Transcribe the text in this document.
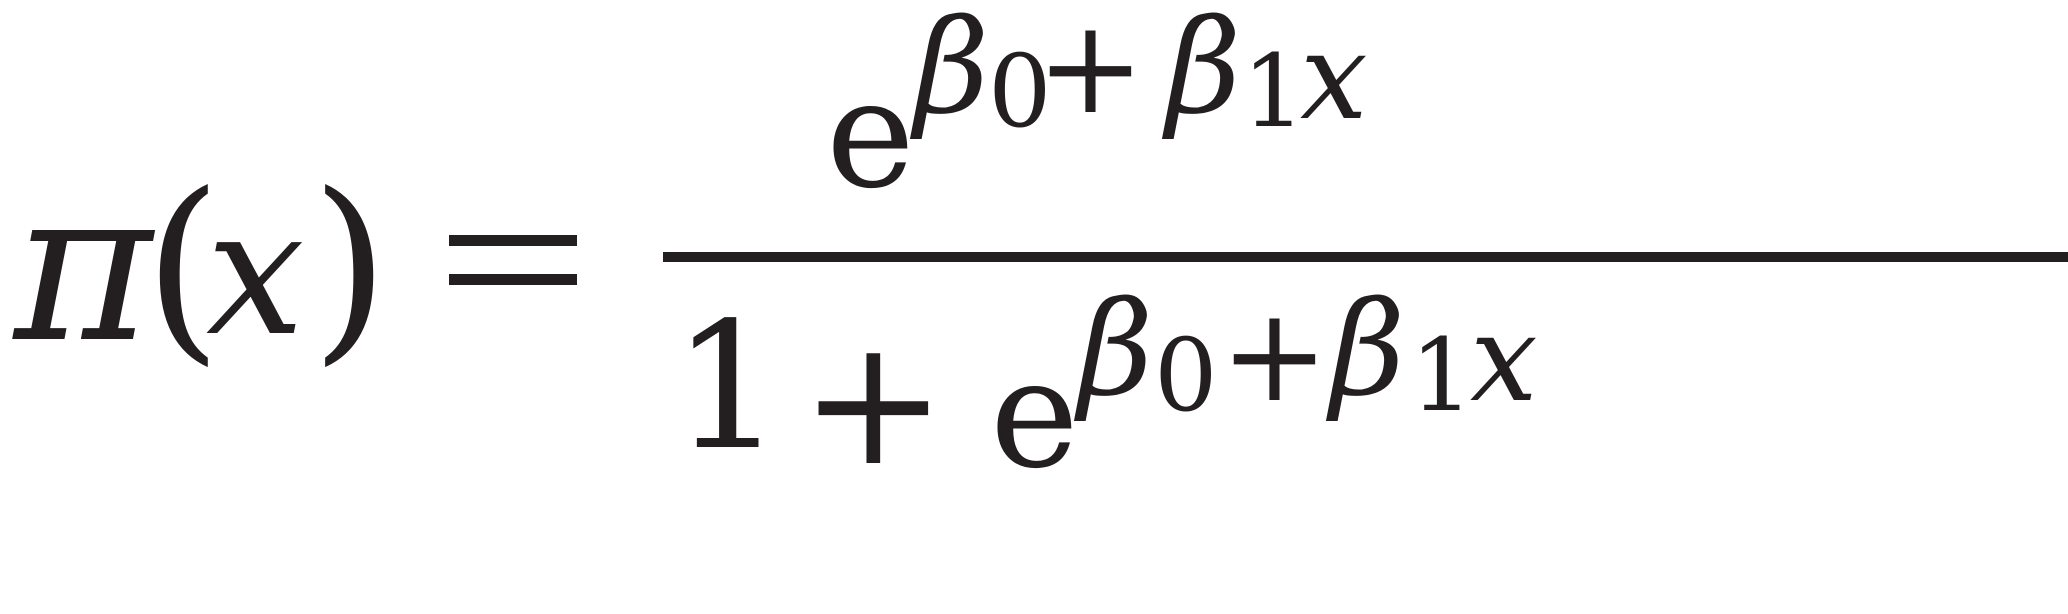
π
(
x )
e β
0
+ β 1
x
1 + e β 0 + β 1
x
